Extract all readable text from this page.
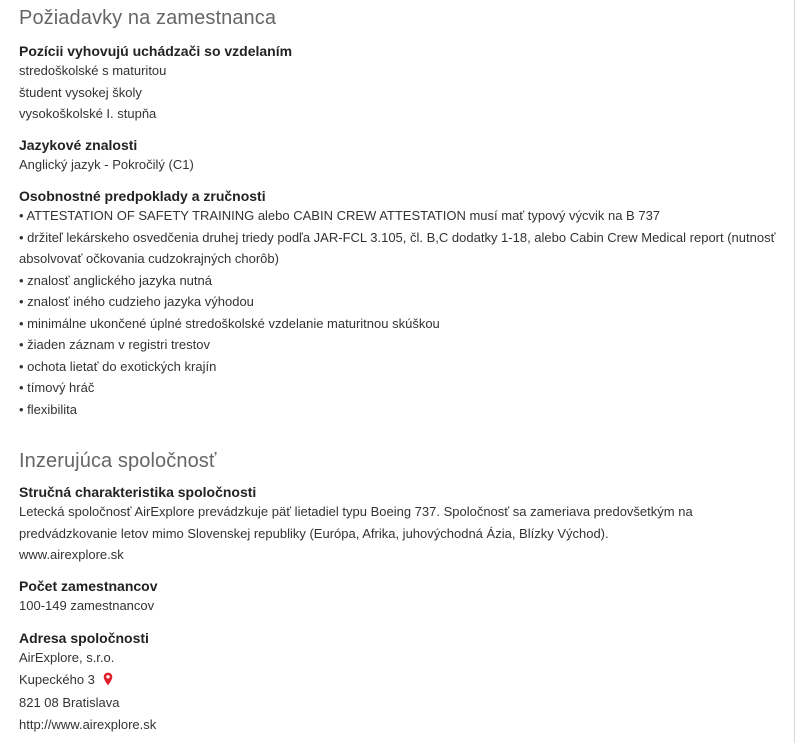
Požiadavky na zamestnanca
Pozícii vyhovujú uchádzači so vzdelaním
stredoškolské s maturitou
študent vysokej školy
vysokoškolské I. stupňa
Jazykové znalosti
Anglický jazyk - Pokročilý (C1)
Osobnostné predpoklady a zručnosti
• ATTESTATION OF SAFETY TRAINING alebo CABIN CREW ATTESTATION musí mať typový výcvik na B 737
• držiteľ lekárskeho osvedčenia druhej triedy podľa JAR-FCL 3.105, čl. B,C dodatky 1-18, alebo Cabin Crew Medical report (nutnosť absolvovať očkovania cudzokrajných chorôb)
• znalosť anglického jazyka nutná
• znalosť iného cudzieho jazyka výhodou
• minimálne ukončené úplné stredoškolské vzdelanie maturitnou skúškou
• žiaden záznam v registri trestov
• ochota lietať do exotických krajín
• tímový hráč
• flexibilita
Inzerujúca spoločnosť
Stručná charakteristika spoločnosti
Letecká spoločnosť AirExplore prevádzkuje päť lietadiel typu Boeing 737. Spoločnosť sa zameriava predovšetkým na predvádzkovanie letov mimo Slovenskej republiky (Európa, Afrika, juhovýchodná Ázia, Blízky Východ).
www.airexplore.sk
Počet zamestnancov
100-149 zamestnancov
Adresa spoločnosti
AirExplore, s.r.o.
Kupeckého 3
821 08 Bratislava
http://www.airexplore.sk
